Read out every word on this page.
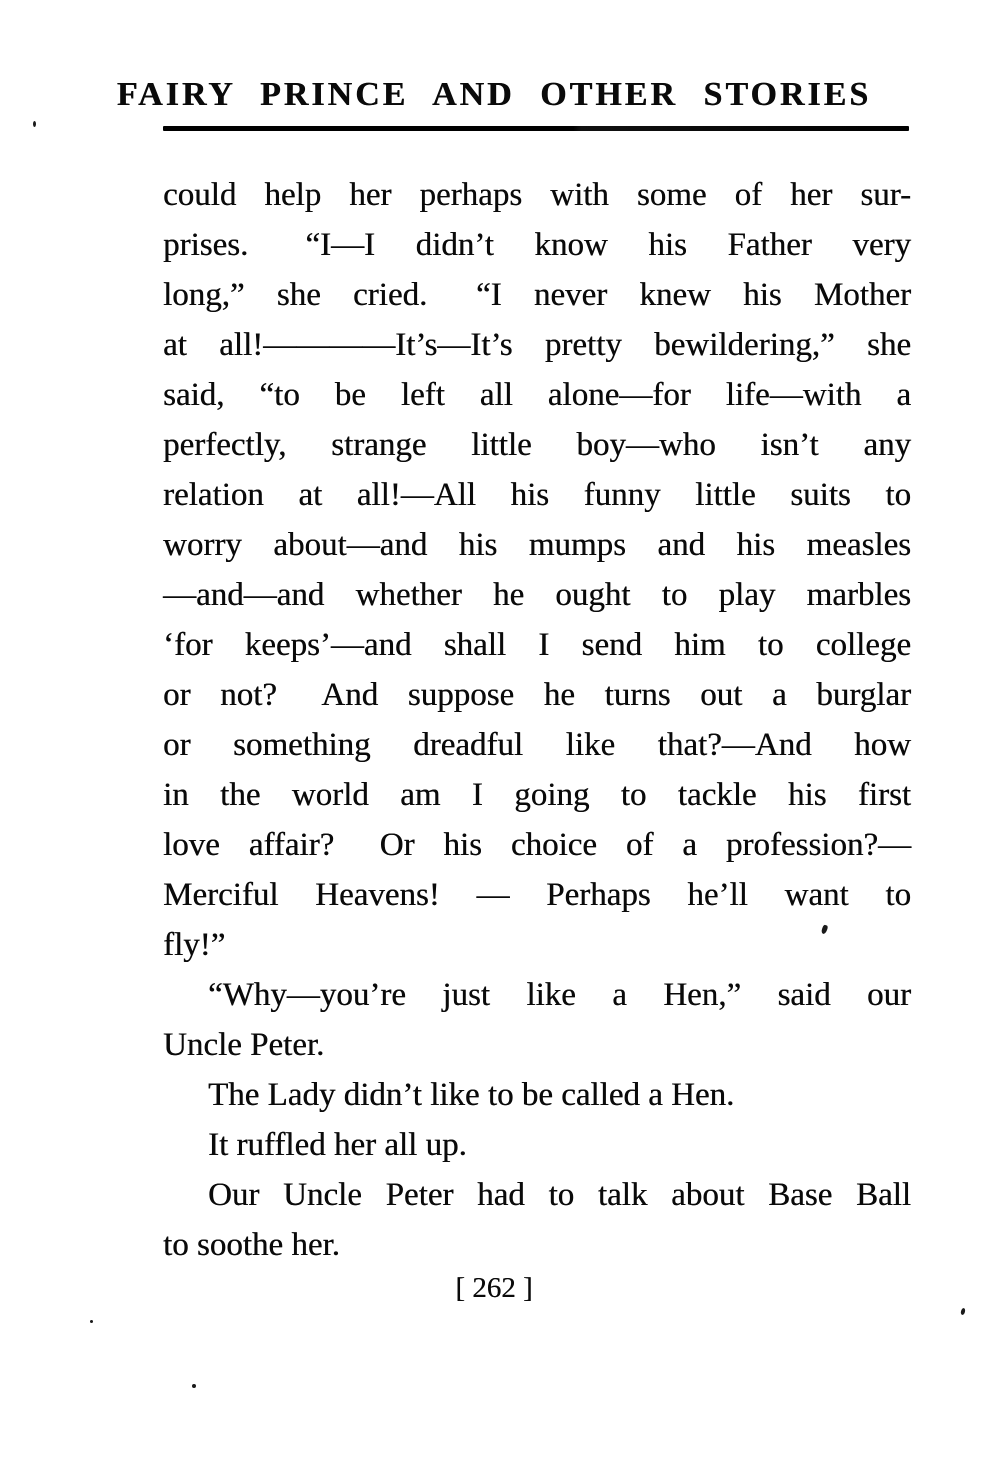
FAIRY PRINCE AND OTHER STORIES
could help her perhaps with some of her sur-
prises.  “I—I didn’t know his Father very
long,” she cried.  “I never knew his Mother
at all!————It’s—It’s pretty bewildering,” she
said, “to be left all alone—for life—with a
perfectly, strange little boy—who isn’t any
relation at all!—All his funny little suits to
worry about—and his mumps and his measles
—and—and whether he ought to play marbles
‘for keeps’—and shall I send him to college
or not?  And suppose he turns out a burglar
or something dreadful like that?—And how
in the world am I going to tackle his first
love affair?  Or his choice of a profession?—
Merciful Heavens! — Perhaps he’ll want to
fly!”
“Why—you’re just like a Hen,” said our
Uncle Peter.
The Lady didn’t like to be called a Hen.
It ruffled her all up.
Our Uncle Peter had to talk about Base Ball
to soothe her.
[ 262 ]
